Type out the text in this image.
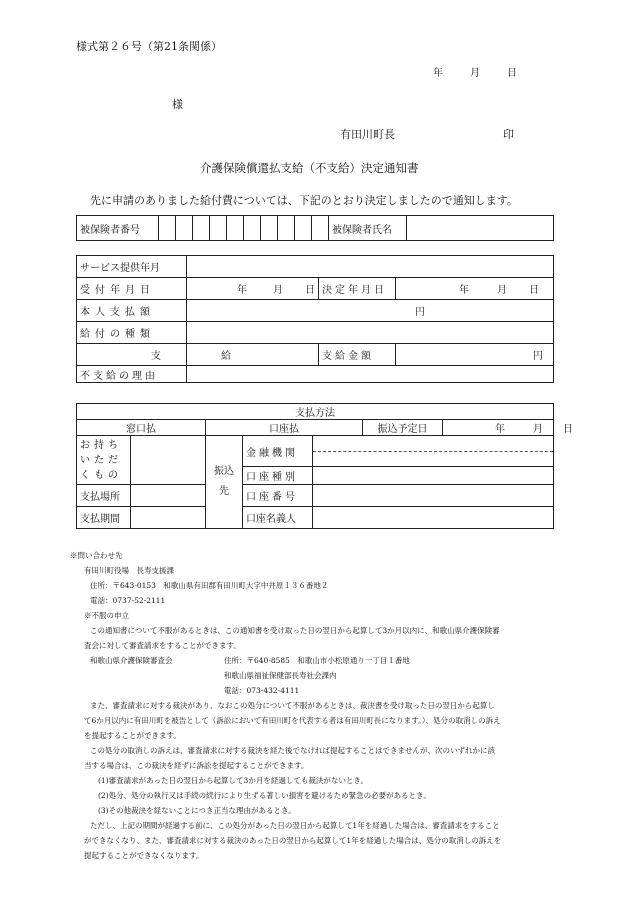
様式第２６号（第21条関係）
年	月	日
様
有田川町長	印
介護保険償還払支給（不支給）決定通知書
先に申請のありました給付費については、下記のとおり決定しましたので通知します。
被保険者番号											被保険者氏名	
サービス提供年月			
受付年月日	年 月 日	決定年月日	年 月 日
本人支払額	円		
給付の種類			
支給		支給金額	円
不支給の理由			
支払方法						
窓口払		口座払			振込予定日	年 月 日
お持ちいただくもの		振込先	金融機関			

			口座種別			
支払場所			口座番号			
支払期間			口座名義人			

※問い合わせ先

有田川町役場　長寿支援課

住所：〒643-0153　和歌山県有田郡有田川町大字中井原１３６番地２

電話：0737-52-2111

※不服の申立

この通知書について不服があるときは、この通知書を受け取った日の翌日から起算して3か月以内に、和歌山県介護保険審

査会に対して審査請求をすることができます。

和歌山県介護保険審査会	住所：〒640-8585　和歌山市小松原通り一丁目１番地

和歌山県福祉保健部長寿社会課内

電話：073-432-4111

また、審査請求に対する裁決があり、なおこの処分について不服があるときは、裁決書を受け取った日の翌日から起算し

て6か月以内に有田川町を被告として（訴訟において有田川町を代表する者は有田川町長になります。）、処分の取消しの訴え

を提起することができます。

この処分の取消しの訴えは、審査請求に対する裁決を経た後でなければ提起することはできませんが、次のいずれかに該

当する場合は、この裁決を経ずに訴訟を提起することができます。

(1)審査請求があった日の翌日から起算して3か月を経過しても裁決がないとき。

(2)処分、処分の執行又は手続の続行により生ずる著しい損害を避けるため緊急の必要があるとき。

(3)その他裁決を経ないことにつき正当な理由があるとき。

ただし、上記の期間が経過する前に、この処分があった日の翌日から起算して1年を経過した場合は、審査請求をすること

ができなくなり、また、審査請求に対する裁決のあった日の翌日から起算して1年を経過した場合は、処分の取消しの訴えを

提起することができなくなります。
